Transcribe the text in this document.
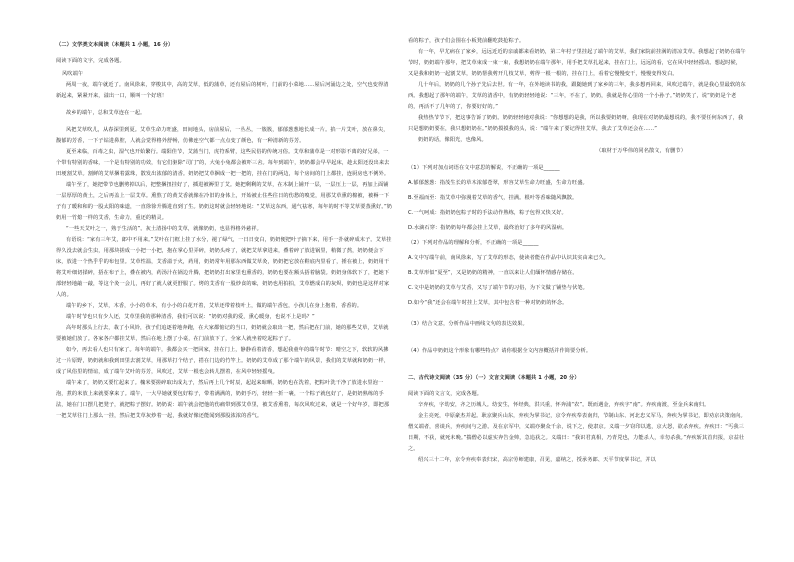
（二）文学类文本阅读（本题共 1 小题，16 分）

阅读下面的文字，完成各题。

风吹端午

两周一夜，端午就近了。南风徐来，穿梭其中，高的艾草，低的蒲草，还有屋后的树叶，门前的小菜地……屋后河涌边之处，空气也变得清新起来，紧紧开来，溢出一口，顺叫一个好班！

故乡的端午，总和艾草连在一起。

风把艾草吹儿，从春深里到夏。艾草生命力旺盛，田间地头，房前屋后，一丛丛，一簇簇，郁郁葱葱地长成一片。掐一片艾叶，放在鼻尖，馥郁的芳香，一下子钻进鼻腔，人就会觉得格外舒畅，仿佛连空气都一点点变了颜色，有一种清新的芬芳。

夏至来临，百毒之虫，湿气也开始繁行。端阳佳节，艾蒲当门，虎符系臂，这些民俗的传统习俗。艾草和蒲草是一对形影不离的好兄弟，一个带有特别的香味，一个是有特别的功效，有它们驱除“司门”的，大兔小兔都会被吓三舍。每年到端午，奶奶都会早早起床，趁太阳还没出来去田埂割艾草。割鲜的艾草捆着露珠，散发出浓郁的清香。奶奶把艾草捆成一把一把的，挂在门的两边，每个房间的门上都挂，连厨房也不例外。

端午至了，她把带节也删剪掉以后，把整捆扭挂好了，插进被褥里丁艾。她把剩剩的艾草，在木制上铺开一层，一层压上一层，再加上面铺一层厚厚的黄土，之后再盖上一层艾草。熏熬了的黄艾香就像在冷旧的身体上，开始被止住些往日的伤愁的嗅觉，用那艾草熏的棉被，被褥一下子有了暖和和的一股太阳的味道，一直徐徐升腾进直到了生。奶奶这时就会轻轻地说：“艾草这东西，通气祛寒，每年的时不等艾草要蒸熏好。”奶奶用一竹熄一样的艾香，生命力，重还的精灵。

“一些天艾叶之一，熟于生活的”。灰土清扬中的艾草，就像奶奶，也显得格外慈祥。

有语说：“家有三年艾，郎中不用来。”艾叶在门框上挂了水分，褪了绿气，一日日变白，奶奶便把叶子摘下来，用手一扑就碎成末子。艾草挂得久没去就会生虫，用那块搓成一小把一小把，抱在掌心里弄碎，奶奶头疼了，就把艾草拿进来，叠着碎了放进锅里，稍微了熬，奶奶便会下床，放进一个热乎乎的布包里。艾草性温，艾香溢于火，药用，奶奶常年用那东西做艾草灸，奶奶把它放在鞋底内里看了，捶在被上，奶奶用干将艾叶细切揉碎，捂在布子上，叠在被内，药汤汁在锅边升腾，把奶奶打出家里也熏香的，奶奶也要在额头捂着脑袋。奶奶身体软下了，把她下部轻轻地敲一敲，等这个灸一会儿，再好了就人就更舒服了。烤的艾香有一股炒食的味，奶奶也用拍拍，艾草燃成白的灰烬，奶奶也是这样对家人的。

端午的乡下，艾草，木香，小小的草本，有小小的白花开着，艾草还带着枝叶上，做的端午香包，小孩儿在身上抱着，香香的。

端午时节也只有少人还，艾草里我的那种清香，我们可以说：“奶奶对我的爱，熏心暖身，也说不上是吗？”

高年时那头上行去，栽了小风铃，孩子们追逐着地奔跑，在大家都惦记的当口，奶奶就会取出一把，然后把在门前，她的那些艾草，艾草就要被她们放了。各家各户都挂艾草，然后在地上摆了小桌，在门前放下了，全家人就坐着吃起粽子了。

如今，再去看人也只有家了。每年的端午，我都会买一把回家，挂在门上，静静看着清香，想起我童年的端午时节：晴空之下，软软的风拂过一片原野，奶奶就和我到田里去割艾草，用那草打个结子，搭在门边的竹竿上。奶奶的艾草成了那个端午的风景，我们的艾草就和奶奶一样，成了风俗里的情谊，成了端午艾叶的芬芳，风吹过，艾草一根也会转儿摆着，在风中轻轻摇曳。

端午来了，奶奶又要忙起来了。槐米要搓碎取出成丸子，然后再上几个时辰，起起来晾晒，奶奶也在洗着，把粽叶洗干净了放进水里泡一泡，煮的米放上来就要拿来了。端午，一大早她就要包好粽子，带着满满的，奶奶手巧，轻轻一折一裹，一个粽子就包好了，是奶奶熟练的手法，她在门口摆几把凳子，就把粽子摆好。奶奶说：端午就会把他的伤痛带到那艾草里，被艾香熏着，每次风吹过来，就是一个好年岁，即把那一把艾草往门上那么一挂，然后把艾草灰炒着一起，我就好像还能闻到那股浓浓的香气。

看的粽子，孩子们会围在小板凳前翻吃鼓抢粽子。

有一年，早尤病在了家乡，远远近近的亲戚都来看奶奶，第二年村子里挂起了端午的艾草，我们家院前挂满的清凉艾草。我想起了奶奶在端午节时，奶奶端午那年，把艾草束成一束一束，我想奶奶在端午那年，用手把艾草扎起来，挂在门上，远远的看，它在风中轻轻摇动。想起时候，又是我和奶奶一起割艾草，奶奶帮我剪开几枝艾草，剪得一根一根的，挂在门上，看着它慢慢变干，慢慢变得发白。

几十年后，奶奶的几个孙子先后去世。有一年，在外地读书的我，跟随她到了家乡的三年，我多想再回来，风吹过端午，就是我心里最软的东西。我想起了那年的端午，艾草的清香中，有奶奶轻轻地说：“三年，不在了，奶奶，我就是你心里的一个小孙子。”奶奶笑了，说“奶奶是个老的，再活不了几年的了，你要好好的。”

我热热节节下，把这事告诉了奶奶。奶奶轻轻地对我说：“你想想的是我，所以我要奶奶呀，我现在对奶奶最想说的，我不要任何东西了，我只是想奶奶要在，我只想奶奶在。”奶奶摸摸我的头，说：“端午来了要记得挂艾草，我去了艾草还会在……”

奶奶的话，像阳光，也像风。

（取材于万华伟的同名散文，有删节）

（1）下列对加点词语在文中意思的解说，不正确的一项是______

A.郁郁葱葱：指茂生长的草木浓郁苍翠，形容艾草生命力旺盛，生命力旺盛。

B.至福而至：指艾草中弥漫着艾草的香气，挂满。根叶等香味随风飘散。

C.一气呵成：指奶奶包粽子时的手法动作熟练，粽子包得又快又好。

D.水滴石穿：指奶奶每年都会挂上艾草，最终治好了多年的风湿病。

（2）下列对作品的理解和分析，不正确的一项是______

A.文中写端午前，南风徐来，写了艾草的形态，使读者能在作品中认识其实由来已久。

B.艾草形似“夏至”，又是奶奶的精神，一直以来让人们缅怀情感存储在。

C.文中是奶奶的艾草与艾香，又写了端午节的习俗，为下文做了铺垫与伏笔。

D.如今“我”还会在端午时挂上艾草，其中包含着一种对奶奶的怀念。

（3）结合文意，分析作品中画线文句的表达效果。

（4）作品中奶奶这个形象有哪些特点？请你根据全文内容概括并作简要分析。

二、古代诗文阅读（35 分）（一）文言文阅读（本题共 1 小题，20 分）

阅读下面的文言文，完成各题。

辛弃疾，字幼安，齐之历城人。幼安生，怀经典，洪兴重，怀奔浦“农”。既而遇金，弃疾字“南”。弃疾南渡，至金兵来南归。

金主亮死，中原豪杰并起。耿京聚兵山东，弃疾为掌书记，京令弃疾奉表南归，节制山东、河北忠义军马，奔疾为掌书记，即劝京决策南向。僧义端者，喜谈兵，弃疾间与之游。及在京军中，义端亦聚众千余，说下之，使隶京。义端一夕窃印以逃，京大怒，欲杀弃疾。弃疾曰：“丐我三日期，不获，就死未晚。”揣僧必以虚实奔告金帅，急追获之。义端曰：“我识君真相，乃青兕也，力能杀人，幸勿杀我。”弃疾斩其首归报，京益壮之。

绍兴三十二年，京令弃疾奉表归宋，高宗劳师建康，召见，嘉纳之，授承务郎、天平节度掌书记，并以
